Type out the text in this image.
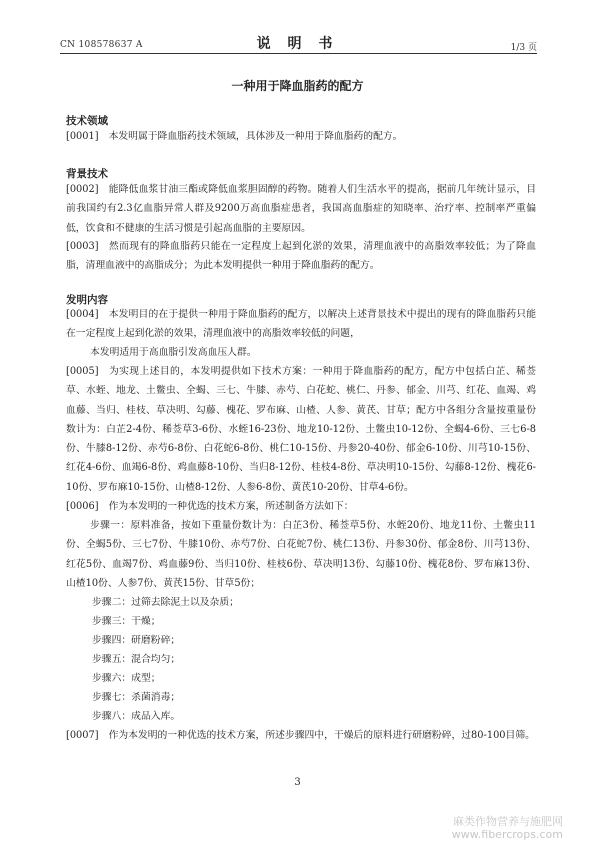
CN 108578637 A	说 明 书	1/3 页
一种用于降血脂药的配方
技术领域
[0001] 本发明属于降血脂药技术领域，具体涉及一种用于降血脂药的配方。
背景技术
[0002] 能降低血浆甘油三酯或降低血浆胆固醇的药物。随着人们生活水平的提高，据前几年统计显示，目前我国约有2.3亿血脂异常人群及9200万高血脂症患者，我国高血脂症的知晓率、治疗率、控制率严重偏低，饮食和不健康的生活习惯是引起高血脂的主要原因。
[0003] 然而现有的降血脂药只能在一定程度上起到化淤的效果，清理血液中的高脂效率较低；为了降血脂，清理血液中的高脂成分；为此本发明提供一种用于降血脂药的配方。
发明内容
[0004] 本发明目的在于提供一种用于降血脂药的配方，以解决上述背景技术中提出的现有的降血脂药只能在一定程度上起到化淤的效果，清理血液中的高脂效率较低的问题，
本发明适用于高血脂引发高血压人群。
[0005] 为实现上述目的，本发明提供如下技术方案：一种用于降血脂药的配方，配方中包括白芷、稀莶草、水蛭、地龙、土鳖虫、全蝎、三七、牛膝、赤芍、白花蛇、桃仁、丹参、郁金、川芎、红花、血竭、鸡血藤、当归、桂枝、草决明、勾藤、槐花、罗布麻、山楂、人参、黄芪、甘草；配方中各组分含量按重量份数计为：白芷2-4份、稀莶草3-6份、水蛭16-23份、地龙10-12份、土鳖虫10-12份、全蝎4-6份、三七6-8份、牛膝8-12份、赤芍6-8份、白花蛇6-8份、桃仁10-15份、丹参20-40份、郁金6-10份、川芎10-15份、红花4-6份、血竭6-8份、鸡血藤8-10份、当归8-12份、桂枝4-8份、草决明10-15份、勾藤8-12份、槐花6-10份、罗布麻10-15份、山楂8-12份、人参6-8份、黄芪10-20份、甘草4-6份。
[0006] 作为本发明的一种优选的技术方案，所述制备方法如下：
步骤一：原料准备，按如下重量份数计为：白芷3份、稀莶草5份、水蛭20份、地龙11份、土鳖虫11份、全蝎5份、三七7份、牛膝10份、赤芍7份、白花蛇7份、桃仁13份、丹参30份、郁金8份、川芎13份、红花5份、血竭7份、鸡血藤9份、当归10份、桂枝6份、草决明13份、勾藤10份、槐花8份、罗布麻13份、山楂10份、人参7份、黄芪15份、甘草5份；
步骤二：过筛去除泥土以及杂质；
步骤三：干燥；
步骤四：研磨粉碎；
步骤五：混合均匀；
步骤六：成型；
步骤七：杀菌消毒；
步骤八：成品入库。
[0007] 作为本发明的一种优选的技术方案，所述步骤四中，干燥后的原料进行研磨粉碎，过80-100目筛。
3
麻类作物营养与施肥网
www.fibercrops.com
